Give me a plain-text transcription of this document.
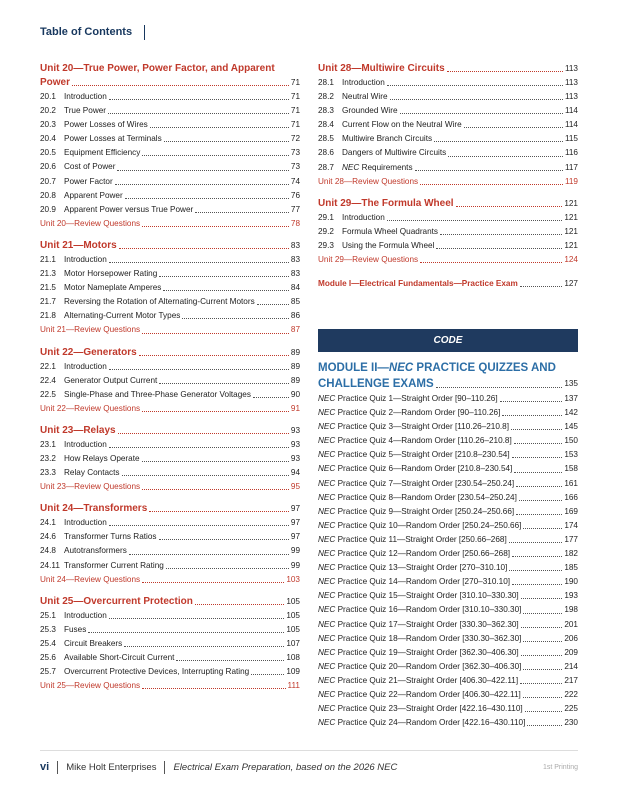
Table of Contents
Unit 20—True Power, Power Factor, and Apparent
Power	71
20.1 Introduction	71
20.2 True Power	71
20.3 Power Losses of Wires	71
20.4 Power Losses at Terminals	72
20.5 Equipment Efficiency	73
20.6 Cost of Power	73
20.7 Power Factor	74
20.8 Apparent Power	76
20.9 Apparent Power versus True Power	77
Unit 20—Review Questions	78
Unit 21—Motors	83
21.1 Introduction	83
21.3 Motor Horsepower Rating	83
21.5 Motor Nameplate Amperes	84
21.7 Reversing the Rotation of Alternating-Current Motors	85
21.8 Alternating-Current Motor Types	86
Unit 21—Review Questions	87
Unit 22—Generators	89
22.1 Introduction	89
22.4 Generator Output Current	89
22.5 Single-Phase and Three-Phase Generator Voltages	90
Unit 22—Review Questions	91
Unit 23—Relays	93
23.1 Introduction	93
23.2 How Relays Operate	93
23.3 Relay Contacts	94
Unit 23—Review Questions	95
Unit 24—Transformers	97
24.1 Introduction	97
24.6 Transformer Turns Ratios	97
24.8 Autotransformers	99
24.11 Transformer Current Rating	99
Unit 24—Review Questions	103
Unit 25—Overcurrent Protection	105
25.1 Introduction	105
25.3 Fuses	105
25.4 Circuit Breakers	107
25.6 Available Short-Circuit Current	108
25.7 Overcurrent Protective Devices, Interrupting Rating	109
Unit 25—Review Questions	111
Unit 28—Multiwire Circuits	113
28.1 Introduction	113
28.2 Neutral Wire	113
28.3 Grounded Wire	114
28.4 Current Flow on the Neutral Wire	114
28.5 Multiwire Branch Circuits	115
28.6 Dangers of Multiwire Circuits	116
28.7 NEC Requirements	117
Unit 28—Review Questions	119
Unit 29—The Formula Wheel	121
29.1 Introduction	121
29.2 Formula Wheel Quadrants	121
29.3 Using the Formula Wheel	121
Unit 29—Review Questions	124
Module I—Electrical Fundamentals—Practice Exam	127
CODE
MODULE II—NEC PRACTICE QUIZZES AND
CHALLENGE EXAMS	135
NEC Practice Quiz 1—Straight Order [90–110.26]	137
NEC Practice Quiz 2—Random Order [90–110.26]	142
NEC Practice Quiz 3—Straight Order [110.26–210.8]	145
NEC Practice Quiz 4—Random Order [110.26–210.8]	150
NEC Practice Quiz 5—Straight Order [210.8–230.54]	153
NEC Practice Quiz 6—Random Order [210.8–230.54]	158
NEC Practice Quiz 7—Straight Order [230.54–250.24]	161
NEC Practice Quiz 8—Random Order [230.54–250.24]	166
NEC Practice Quiz 9—Straight Order [250.24–250.66]	169
NEC Practice Quiz 10—Random Order [250.24–250.66]	174
NEC Practice Quiz 11—Straight Order [250.66–268]	177
NEC Practice Quiz 12—Random Order [250.66–268]	182
NEC Practice Quiz 13—Straight Order [270–310.10]	185
NEC Practice Quiz 14—Random Order [270–310.10]	190
NEC Practice Quiz 15—Straight Order [310.10–330.30]	193
NEC Practice Quiz 16—Random Order [310.10–330.30]	198
NEC Practice Quiz 17—Straight Order [330.30–362.30]	201
NEC Practice Quiz 18—Random Order [330.30–362.30]	206
NEC Practice Quiz 19—Straight Order [362.30–406.30]	209
NEC Practice Quiz 20—Random Order [362.30–406.30]	214
NEC Practice Quiz 21—Straight Order [406.30–422.11]	217
NEC Practice Quiz 22—Random Order [406.30–422.11]	222
NEC Practice Quiz 23—Straight Order [422.16–430.110]	225
NEC Practice Quiz 24—Random Order [422.16–430.110]	230
vi Mike Holt Enterprises Electrical Exam Preparation, based on the 2026 NEC	1st Printing
